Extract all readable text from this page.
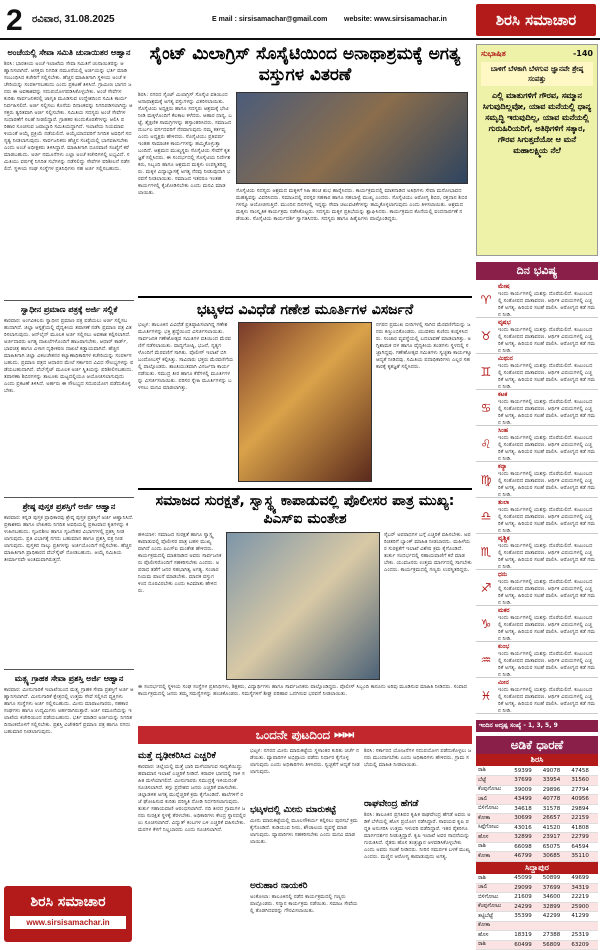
2 ರವಿವಾರ, 31.08.2025	E mail : sirsisamachar@gmail.com website: www.sirsisamachar.in	ಶಿರಸಿ ಸಮಾಚಾರ
ಅಂಚೆಯಲ್ಲಿ ಸೇವಾ ಸಮಿತಿ ಚುನಾಯಿತರ ಆಹ್ವಾನ
ಶಿರಸಿ: ಭಾರತೀಯ ಅಂಚೆ ಇಲಾಖೆಯ ಸೇವಾ ಸಮಿತಿಗೆ ಚುನಾಯಿತರನ್ನು ಆಹ್ವಾನಿಸಲಾಗಿದೆ. ಆಸಕ್ತರು ನಿಗದಿತ ನಮೂನೆಯಲ್ಲಿ ಅರ್ಜಿಯನ್ನು ಭರ್ತಿ ಮಾಡಿ ಸಂಬಂಧಿಸಿದ ಕಚೇರಿಗೆ ಸಲ್ಲಿಸಬೇಕು. ಹೆಚ್ಚಿನ ಮಾಹಿತಿಗಾಗಿ ಸ್ಥಳೀಯ ಅಂಚೆ ಕಚೇರಿಯನ್ನು ಸಂಪರ್ಕಿಸಬಹುದು ಎಂದು ಪ್ರಕಟಣೆ ತಿಳಿಸಿದೆ. ಗ್ರಾಮೀಣ ಭಾಗದ ಜನರು ಈ ಅವಕಾಶವನ್ನು ಸದುಪಯೋಗಪಡಿಸಿಕೊಳ್ಳಬೇಕು. ಅಂಚೆ ಸೇವೆಗಳ ಕುರಿತು ಸಾರ್ವಜನಿಕರಲ್ಲಿ ಜಾಗೃತಿ ಮೂಡಿಸುವ ಉದ್ದೇಶದಿಂದ ಸಮಿತಿ ಕಾರ್ಯನಿರ್ವಹಿಸಲಿದೆ. ಅರ್ಜಿ ಸಲ್ಲಿಸಲು ಕೊನೆಯ ದಿನಾಂಕವನ್ನು ನಿಗದಿಪಡಿಸಲಾಗಿದ್ದು ಆಸಕ್ತರು ತ್ವರಿತವಾಗಿ ಅರ್ಜಿ ಸಲ್ಲಿಸಬೇಕು. ಸಮಿತಿಯ ಸದಸ್ಯರು ಅಂಚೆ ಸೇವೆಗಳ ಸುಧಾರಣೆಗೆ ಸಲಹೆ ನೀಡಲಿದ್ದಾರೆ. ಗ್ರಾಹಕರ ಕುಂದುಕೊರತೆಗಳನ್ನು ಆಲಿಸಿ ಪರಿಹಾರ ಸೂಚಿಸುವ ಜವಾಬ್ದಾರಿ ಸಮಿತಿಯದ್ದಾಗಿದೆ. ಇಲಾಖೆಯ ನಿಯಮಾವಳಿಯಂತೆ ಆಯ್ಕೆ ಪ್ರಕ್ರಿಯೆ ನಡೆಯಲಿದೆ. ಆಯ್ಕೆಯಾದವರಿಗೆ ನಿಗದಿತ ಅವಧಿಗೆ ಸದಸ್ಯತ್ವ ನೀಡಲಾಗುವುದು. ಸಾರ್ವಜನಿಕರು ಹೆಚ್ಚಿನ ಸಂಖ್ಯೆಯಲ್ಲಿ ಭಾಗವಹಿಸಬೇಕು ಎಂದು ಅಂಚೆ ಅಧೀಕ್ಷಕರು ತಿಳಿಸಿದ್ದಾರೆ. ಮಾಹಿತಿಗಾಗಿ ದೂರವಾಣಿ ಸಂಖ್ಯೆಗೆ ಕರೆ ಮಾಡಬಹುದು. ಅರ್ಜಿ ನಮೂನೆಗಳು ಎಲ್ಲಾ ಅಂಚೆ ಕಚೇರಿಗಳಲ್ಲಿ ಲಭ್ಯವಿದೆ. ಸಮಿತಿಯು ವರ್ಷಕ್ಕೆ ನಿಗದಿತ ಸಭೆಗಳನ್ನು ನಡೆಸಲಿದ್ದು ಸೇವೆಗಳ ಪರಿಶೀಲನೆ ನಡೆಸಲಿದೆ. ಸ್ಥಳೀಯ ಸಂಘ ಸಂಸ್ಥೆಗಳ ಪ್ರತಿನಿಧಿಗಳು ಸಹ ಅರ್ಜಿ ಸಲ್ಲಿಸಬಹುದು.
ಸ್ವಾಧೀನ ಪ್ರಮಾಣ ಪತ್ರಕ್ಕೆ ಅರ್ಜಿ ಸಲ್ಲಿಕೆ
ಕಾರವಾರ: ಅಂಗವಿಕಲರು ಸ್ವಾಧೀನ ಪ್ರಮಾಣ ಪತ್ರ ಪಡೆಯಲು ಅರ್ಜಿ ಸಲ್ಲಿಸಬಹುದಾಗಿದೆ. ಜಿಲ್ಲಾ ಆಸ್ಪತ್ರೆಯಲ್ಲಿ ವೈದ್ಯಕೀಯ ತಪಾಸಣೆ ನಡೆಸಿ ಪ್ರಮಾಣ ಪತ್ರ ವಿತರಿಸಲಾಗುವುದು. ಆನ್‌ಲೈನ್ ಮೂಲಕ ಅರ್ಜಿ ಸಲ್ಲಿಸಲು ಅವಕಾಶ ಕಲ್ಪಿಸಲಾಗಿದೆ. ಅರ್ಜಿದಾರರು ಅಗತ್ಯ ದಾಖಲೆಗಳೊಂದಿಗೆ ಹಾಜರಾಗಬೇಕು. ಆಧಾರ್ ಕಾರ್ಡ್, ಭಾವಚಿತ್ರ ಹಾಗೂ ವಿಳಾಸ ದೃಢೀಕರಣ ದಾಖಲೆ ಕಡ್ಡಾಯವಾಗಿದೆ. ಹೆಚ್ಚಿನ ಮಾಹಿತಿಗಾಗಿ ಜಿಲ್ಲಾ ವಿಕಲಚೇತನರ ಕಲ್ಯಾಣಾಧಿಕಾರಿಗಳ ಕಚೇರಿಯನ್ನು ಸಂಪರ್ಕಿಸಬಹುದು. ಪ್ರಮಾಣ ಪತ್ರದ ಆಧಾರದ ಮೇಲೆ ಸರ್ಕಾರದ ವಿವಿಧ ಸೌಲಭ್ಯಗಳನ್ನು ಪಡೆಯಬಹುದಾಗಿದೆ. ವೆಬ್‌ಸೈಟ್ ಮೂಲಕ ಅರ್ಜಿ ಸ್ಥಿತಿಯನ್ನು ಪರಿಶೀಲಿಸಬಹುದು. ತಪಾಸಣಾ ಶಿಬಿರಗಳನ್ನು ತಾಲೂಕು ಮಟ್ಟದಲ್ಲಿಯೂ ಆಯೋಜಿಸಲಾಗುವುದು ಎಂದು ಪ್ರಕಟಣೆ ತಿಳಿಸಿದೆ. ಅರ್ಹರು ಈ ಸೌಲಭ್ಯದ ಸದುಪಯೋಗ ಪಡೆದುಕೊಳ್ಳಬೇಕು.
ಶ್ರೇಷ್ಠ ಪುಸ್ತಕ ಪ್ರಶಸ್ತಿಗೆ ಅರ್ಜಿ ಆಹ್ವಾನ
ಕಾರವಾರ: ಕನ್ನಡ ಪುಸ್ತಕ ಪ್ರಾಧಿಕಾರವು ಶ್ರೇಷ್ಠ ಪುಸ್ತಕ ಪ್ರಶಸ್ತಿಗೆ ಅರ್ಜಿ ಆಹ್ವಾನಿಸಿದೆ. ಪ್ರಕಾಶಕರು ಹಾಗೂ ಲೇಖಕರು ನಿಗದಿತ ಅವಧಿಯಲ್ಲಿ ಪ್ರಕಟವಾದ ಕೃತಿಗಳನ್ನು ಕಳುಹಿಸಬಹುದು. ಸೃಜನಶೀಲ ಹಾಗೂ ಸೃಜನೇತರ ವಿಭಾಗಗಳಲ್ಲಿ ಪ್ರಶಸ್ತಿ ನೀಡಲಾಗುವುದು. ಪ್ರತಿ ವಿಭಾಗಕ್ಕೆ ನಗದು ಬಹುಮಾನ ಹಾಗೂ ಪ್ರಶಸ್ತಿ ಪತ್ರ ನೀಡಲಾಗುವುದು. ಪುಸ್ತಕದ ನಾಲ್ಕು ಪ್ರತಿಗಳನ್ನು ಅರ್ಜಿಯೊಂದಿಗೆ ಸಲ್ಲಿಸಬೇಕು. ಹೆಚ್ಚಿನ ಮಾಹಿತಿಗಾಗಿ ಪ್ರಾಧಿಕಾರದ ವೆಬ್‌ಸೈಟ್ ನೋಡಬಹುದು. ಆಯ್ಕೆ ಸಮಿತಿಯ ತೀರ್ಮಾನವೇ ಅಂತಿಮವಾಗಿರುತ್ತದೆ.
ಮತ್ಸ್ಯ ಗ್ರಾಹಕ ಸೇವಾ ಪ್ರಶಸ್ತಿ ಅರ್ಜಿ ಆಹ್ವಾನ
ಕಾರವಾರ: ಮೀನುಗಾರಿಕೆ ಇಲಾಖೆಯಿಂದ ಮತ್ಸ್ಯ ಗ್ರಾಹಕ ಸೇವಾ ಪ್ರಶಸ್ತಿಗೆ ಅರ್ಜಿ ಆಹ್ವಾನಿಸಲಾಗಿದೆ. ಮೀನುಗಾರಿಕೆ ಕ್ಷೇತ್ರದಲ್ಲಿ ಉತ್ತಮ ಸೇವೆ ಸಲ್ಲಿಸಿದ ವ್ಯಕ್ತಿಗಳು ಹಾಗೂ ಸಂಸ್ಥೆಗಳು ಅರ್ಜಿ ಸಲ್ಲಿಸಬಹುದು. ಮೀನು ಮಾರಾಟಗಾರರು, ಸಹಕಾರ ಸಂಘಗಳು ಹಾಗೂ ಉದ್ಯಮಿಗಳು ಅರ್ಹರಾಗಿರುತ್ತಾರೆ. ಅರ್ಜಿ ನಮೂನೆಯನ್ನು ಇಲಾಖೆಯ ಕಚೇರಿಯಿಂದ ಪಡೆಯಬಹುದು. ಭರ್ತಿ ಮಾಡಿದ ಅರ್ಜಿಯನ್ನು ನಿಗದಿತ ದಿನಾಂಕದೊಳಗೆ ಸಲ್ಲಿಸಬೇಕು. ಪ್ರಶಸ್ತಿ ವಿಜೇತರಿಗೆ ಪ್ರಮಾಣ ಪತ್ರ ಹಾಗೂ ನಗದು ಬಹುಮಾನ ನೀಡಲಾಗುವುದು.
ಶಿರಸಿ ಸಮಾಚಾರ
www.sirsisamachar.in
ಸೈಂಟ್ ಮಿಲಾಗ್ರಿಸ್ ಸೊಸೈಟಿಯಿಂದ ಅನಾಥಾಶ್ರಮಕ್ಕೆ ಅಗತ್ಯ ವಸ್ತುಗಳ ವಿತರಣೆ
ಶಿರಸಿ: ನಗರದ ಸೈಂಟ್ ಮಿಲಾಗ್ರಿಸ್ ಸೊಸೈಟಿ ವತಿಯಿಂದ ಅನಾಥಾಶ್ರಮಕ್ಕೆ ಅಗತ್ಯ ವಸ್ತುಗಳನ್ನು ವಿತರಿಸಲಾಯಿತು. ಸೊಸೈಟಿಯ ಅಧ್ಯಕ್ಷರು ಹಾಗೂ ಸದಸ್ಯರು ಆಶ್ರಮಕ್ಕೆ ಭೇಟಿ ನೀಡಿ ಮಕ್ಕಳೊಂದಿಗೆ ಕೆಲಕಾಲ ಕಳೆದರು. ಆಹಾರ ಧಾನ್ಯ, ಬಟ್ಟೆ, ಶೈಕ್ಷಣಿಕ ಸಾಮಗ್ರಿಗಳನ್ನು ಹಸ್ತಾಂತರಿಸಿದರು. ಸಮಾಜದ ದುರ್ಬಲ ವರ್ಗದವರಿಗೆ ನೆರವಾಗುವುದು ನಮ್ಮ ಕರ್ತವ್ಯ ಎಂದು ಅಧ್ಯಕ್ಷರು ಹೇಳಿದರು. ಸೊಸೈಟಿಯು ಪ್ರತಿವರ್ಷ ಇಂತಹ ಸಾಮಾಜಿಕ ಕಾರ್ಯಗಳನ್ನು ಹಮ್ಮಿಕೊಳ್ಳುತ್ತಾ ಬಂದಿದೆ. ಆಶ್ರಮದ ಮುಖ್ಯಸ್ಥರು ಸೊಸೈಟಿಯ ಸೇವೆಗೆ ಕೃತಜ್ಞತೆ ಸಲ್ಲಿಸಿದರು. ಈ ಸಂದರ್ಭದಲ್ಲಿ ಸೊಸೈಟಿಯ ನಿರ್ದೇಶಕರು, ಸಿಬ್ಬಂದಿ ಹಾಗೂ ಆಶ್ರಮದ ಮಕ್ಕಳು ಉಪಸ್ಥಿತರಿದ್ದರು. ಮಕ್ಕಳ ವಿದ್ಯಾಭ್ಯಾಸಕ್ಕೆ ಅಗತ್ಯ ನೆರವು ನೀಡುವುದಾಗಿ ಭರವಸೆ ನೀಡಲಾಯಿತು. ಸಮಾಜದ ಇತರರೂ ಇಂತಹ ಕಾರ್ಯಗಳಲ್ಲಿ ಕೈಜೋಡಿಸಬೇಕು ಎಂದು ಮನವಿ ಮಾಡಲಾಯಿತು.	ಸೊಸೈಟಿಯ ಸದಸ್ಯರು ಆಶ್ರಮದ ಮಕ್ಕಳಿಗೆ ಸಿಹಿ ಹಂಚಿ ಶುಭ ಹಾರೈಸಿದರು. ಕಾರ್ಯಕ್ರಮದಲ್ಲಿ ಮಾತನಾಡಿದ ಅತಿಥಿಗಳು ಸೇವಾ ಮನೋಭಾವದ ಮಹತ್ವವನ್ನು ವಿವರಿಸಿದರು. ಸಮಾಜದಲ್ಲಿ ಪರಸ್ಪರ ಸಹಕಾರ ಹಾಗೂ ಸಹಬಾಳ್ವೆ ಮುಖ್ಯ ಎಂದರು. ಸೊಸೈಟಿಯು ಆರೋಗ್ಯ ಶಿಬಿರ, ರಕ್ತದಾನ ಶಿಬಿರಗಳನ್ನೂ ಆಯೋಜಿಸುತ್ತಿದೆ. ಮುಂದಿನ ದಿನಗಳಲ್ಲಿ ಇನ್ನಷ್ಟು ಸೇವಾ ಚಟುವಟಿಕೆಗಳನ್ನು ಹಮ್ಮಿಕೊಳ್ಳಲಾಗುವುದು ಎಂದು ತಿಳಿಸಲಾಯಿತು. ಆಶ್ರಮದ ಮಕ್ಕಳು ಸಾಂಸ್ಕೃತಿಕ ಕಾರ್ಯಕ್ರಮ ನಡೆಸಿಕೊಟ್ಟರು. ಸದಸ್ಯರು ಮಕ್ಕಳ ಪ್ರತಿಭೆಯನ್ನು ಶ್ಲಾಘಿಸಿದರು. ಕಾರ್ಯಕ್ರಮದ ಕೊನೆಯಲ್ಲಿ ವಂದನಾರ್ಪಣೆ ನಡೆಯಿತು. ಸೊಸೈಟಿಯ ಕಾರ್ಯದರ್ಶಿ ಸ್ವಾಗತಿಸಿದರು. ಸದಸ್ಯರು ಹಾಗೂ ಹಿತೈಷಿಗಳು ಪಾಲ್ಗೊಂಡಿದ್ದರು.
ಭಟ್ಕಳದ ವಿವಿಧೆಡೆ ಗಣೇಶ ಮೂರ್ತಿಗಳ ವಿಸರ್ಜನೆ
ಭಟ್ಕಳ: ತಾಲೂಕಿನ ವಿವಿಧೆಡೆ ಪ್ರತಿಷ್ಠಾಪಿಸಲಾಗಿದ್ದ ಗಣೇಶ ಮೂರ್ತಿಗಳನ್ನು ಭಕ್ತಿ ಶ್ರದ್ಧೆಯಿಂದ ವಿಸರ್ಜಿಸಲಾಯಿತು. ಸಾರ್ವಜನಿಕ ಗಣೇಶೋತ್ಸವ ಸಮಿತಿಗಳ ವತಿಯಿಂದ ಮೆರವಣಿಗೆ ನಡೆಸಲಾಯಿತು. ವಾದ್ಯಗೋಷ್ಠಿ, ಭಜನೆ, ನೃತ್ಯಗಳೊಂದಿಗೆ ಮೆರವಣಿಗೆ ಸಾಗಿತು. ಪೊಲೀಸ್ ಇಲಾಖೆ ಬಿಗಿ ಬಂದೋಬಸ್ತ್ ಕಲ್ಪಿಸಿತ್ತು. ಸಾವಿರಾರು ಭಕ್ತರು ಮೆರವಣಿಗೆಯಲ್ಲಿ ಪಾಲ್ಗೊಂಡರು. ಶಾಂತಿಯುತವಾಗಿ ವಿಸರ್ಜನಾ ಕಾರ್ಯ ನಡೆಯಿತು. ಸಮುದ್ರ ತೀರ ಹಾಗೂ ಕೆರೆಗಳಲ್ಲಿ ಮೂರ್ತಿಗಳನ್ನು ವಿಸರ್ಜಿಸಲಾಯಿತು. ಪರಿಸರ ಸ್ನೇಹಿ ಮೂರ್ತಿಗಳನ್ನು ಬಳಸಲು ಮನವಿ ಮಾಡಲಾಗಿತ್ತು.
ನಗರದ ಪ್ರಮುಖ ಬೀದಿಗಳಲ್ಲಿ ಸಾಗಿದ ಮೆರವಣಿಗೆಯನ್ನು ಜನರು ಕಣ್ತುಂಬಿಕೊಂಡರು. ಯುವಕರು ಕುಣಿದು ಕುಪ್ಪಳಿಸಿದರು. ಸಂಚಾರ ವ್ಯವಸ್ಥೆಯಲ್ಲಿ ಬದಲಾವಣೆ ಮಾಡಲಾಗಿತ್ತು. ಅಗ್ನಿಶಾಮಕ ದಳ ಹಾಗೂ ವೈದ್ಯಕೀಯ ತಂಡಗಳು ಸ್ಥಳದಲ್ಲಿ ಸಜ್ಜಾಗಿದ್ದವು. ಗಣೇಶೋತ್ಸವ ಸಮಿತಿಗಳು ಸ್ವಚ್ಛತಾ ಕಾರ್ಯಕ್ಕೂ ಆದ್ಯತೆ ನೀಡಿದವು. ಸಮಿತಿಯ ಪದಾಧಿಕಾರಿಗಳು ಎಲ್ಲರ ಸಹಕಾರಕ್ಕೆ ಕೃತಜ್ಞತೆ ಸಲ್ಲಿಸಿದರು.
ಸಮಾಜದ ಸುರಕ್ಷತೆ, ಸ್ವಾಸ್ಥ್ಯ ಕಾಪಾಡುವಲ್ಲಿ ಪೊಲೀಸರ ಪಾತ್ರ ಮುಖ್ಯ: ಪಿಎಸ್‌ಐ ಮಂತೇಶ
ಹಳಿಯಾಳ: ಸಮಾಜದ ಸುರಕ್ಷತೆ ಹಾಗೂ ಸ್ವಾಸ್ಥ್ಯ ಕಾಪಾಡುವಲ್ಲಿ ಪೊಲೀಸರ ಪಾತ್ರ ಬಹಳ ಮುಖ್ಯವಾಗಿದೆ ಎಂದು ಪಿಎಸ್‌ಐ ಮಂತೇಶ ಹೇಳಿದರು. ಕಾರ್ಯಕ್ರಮದಲ್ಲಿ ಮಾತನಾಡಿದ ಅವರು ಸಾರ್ವಜನಿಕರು ಪೊಲೀಸರೊಂದಿಗೆ ಸಹಕರಿಸಬೇಕು ಎಂದರು. ಅಪರಾಧ ತಡೆಗೆ ಜನರ ಸಹಭಾಗಿತ್ವ ಅಗತ್ಯ. ಸಂಚಾರ ನಿಯಮ ಪಾಲನೆ ಮಾಡಬೇಕು. ಮಾದಕ ವಸ್ತುಗಳಿಂದ ದೂರವಿರಬೇಕು ಎಂದು ಕಿವಿಮಾತು ಹೇಳಿದರು.
ಸೈಬರ್ ಅಪರಾಧಗಳ ಬಗ್ಗೆ ಎಚ್ಚರಿಕೆ ವಹಿಸಬೇಕು. ಅಪರಿಚಿತರಿಗೆ ಬ್ಯಾಂಕ್ ಮಾಹಿತಿ ನೀಡಬಾರದು. ಮಹಿಳೆಯರ ಸುರಕ್ಷತೆಗೆ ಇಲಾಖೆ ವಿಶೇಷ ಕ್ರಮ ಕೈಗೊಂಡಿದೆ. ತುರ್ತು ಸಂದರ್ಭದಲ್ಲಿ ಸಹಾಯವಾಣಿಗೆ ಕರೆ ಮಾಡಬೇಕು. ಯುವಜನರು ಉತ್ತಮ ಮಾರ್ಗದಲ್ಲಿ ಸಾಗಬೇಕು ಎಂದರು. ಕಾರ್ಯಕ್ರಮದಲ್ಲಿ ಗಣ್ಯರು ಉಪಸ್ಥಿತರಿದ್ದರು.
ಈ ಸಂದರ್ಭದಲ್ಲಿ ಸ್ಥಳೀಯ ಸಂಘ ಸಂಸ್ಥೆಗಳ ಪ್ರತಿನಿಧಿಗಳು, ಶಿಕ್ಷಕರು, ವಿದ್ಯಾರ್ಥಿಗಳು ಹಾಗೂ ಸಾರ್ವಜನಿಕರು ಪಾಲ್ಗೊಂಡಿದ್ದರು. ಪೊಲೀಸ್ ಸಿಬ್ಬಂದಿ ಕಾನೂನು ಅರಿವು ಮೂಡಿಸುವ ಮಾಹಿತಿ ನೀಡಿದರು. ಸಂವಾದ ಕಾರ್ಯಕ್ರಮದಲ್ಲಿ ಜನರು ತಮ್ಮ ಸಮಸ್ಯೆಗಳನ್ನು ಹಂಚಿಕೊಂಡರು. ಸಮಸ್ಯೆಗಳಿಗೆ ಶೀಘ್ರ ಪರಿಹಾರ ಒದಗಿಸುವ ಭರವಸೆ ನೀಡಲಾಯಿತು.
ಒಂದನೇ ಪುಟದಿಂದ ⏭⏭
ಮತ್ತೆ ದೃಢೀಕರಿಸಿದ ಎಚ್ಚರಿಕೆ
ಕಾರವಾರ: ಜಿಲ್ಲೆಯಲ್ಲಿ ಮತ್ತೆ ಭಾರಿ ಮಳೆಯಾಗುವ ಸಾಧ್ಯತೆಯಿದ್ದು ಹವಾಮಾನ ಇಲಾಖೆ ಎಚ್ಚರಿಕೆ ನೀಡಿದೆ. ಕರಾವಳಿ ಭಾಗದಲ್ಲಿ ಗಾಳಿ ಸಹಿತ ಮಳೆಯಾಗಲಿದೆ. ಮೀನುಗಾರರು ಸಮುದ್ರಕ್ಕೆ ಇಳಿಯದಂತೆ ಸೂಚಿಸಲಾಗಿದೆ. ತಗ್ಗು ಪ್ರದೇಶದ ಜನರು ಎಚ್ಚರಿಕೆ ವಹಿಸಬೇಕು. ಜಿಲ್ಲಾಡಳಿತ ಅಗತ್ಯ ಮುನ್ನೆಚ್ಚರಿಕೆ ಕ್ರಮ ಕೈಗೊಂಡಿದೆ. ಶಾಲೆಗಳಿಗೆ ರಜೆ ಘೋಷಿಸುವ ಕುರಿತು ಪರಿಸ್ಥಿತಿ ನೋಡಿ ನಿರ್ಧರಿಸಲಾಗುವುದು. ತುರ್ತು ಸಹಾಯವಾಣಿ ಆರಂಭಿಸಲಾಗಿದೆ. ನದಿ ತೀರದ ಗ್ರಾಮಗಳ ಜನರು ಸುರಕ್ಷಿತ ಸ್ಥಳಕ್ಕೆ ತೆರಳಬೇಕು. ಅಧಿಕಾರಿಗಳು ಕೇಂದ್ರ ಸ್ಥಾನದಲ್ಲಿರಲು ಸೂಚಿಸಲಾಗಿದೆ. ವಿದ್ಯುತ್ ಕಂಬಗಳ ಬಳಿ ಎಚ್ಚರಿಕೆ ವಹಿಸಬೇಕು. ಮರಗಳ ಕೆಳಗೆ ನಿಲ್ಲಬಾರದು ಎಂದು ಸೂಚಿಸಲಾಗಿದೆ.
ಭಟ್ಕಳ: ನಗರದ ಮೀನು ಮಾರುಕಟ್ಟೆಯ ಸ್ಥಳಾಂತರ ಕುರಿತು ಚರ್ಚೆ ನಡೆಯಿತು. ವ್ಯಾಪಾರಿಗಳ ಅಭಿಪ್ರಾಯ ಪಡೆದು ನಿರ್ಧಾರ ಕೈಗೊಳ್ಳಲಾಗುವುದು ಎಂದು ಅಧಿಕಾರಿಗಳು ತಿಳಿಸಿದರು. ಸ್ವಚ್ಛತೆಗೆ ಆದ್ಯತೆ ನೀಡಲಾಗುವುದು.
ಭಟ್ಕಳದಲ್ಲಿ ಮೀನು ಮಾರುಕಟ್ಟೆ
ಮೀನು ಮಾರುಕಟ್ಟೆಯಲ್ಲಿ ಮೂಲಸೌಕರ್ಯ ಕಲ್ಪಿಸಲು ಪುರಸಭೆ ಕ್ರಮ ಕೈಗೊಂಡಿದೆ. ಕುಡಿಯುವ ನೀರು, ಶೌಚಾಲಯ ವ್ಯವಸ್ಥೆ ಮಾಡಲಾಗುವುದು. ವ್ಯಾಪಾರಿಗಳು ಸಹಕರಿಸಬೇಕು ಎಂದು ಮನವಿ ಮಾಡಲಾಯಿತು.
ಅರುಹಾರ ನಾಯಕರಿ
ಅಂಕೋಲಾ: ತಾಲೂಕಿನಲ್ಲಿ ನಡೆದ ಕಾರ್ಯಕ್ರಮದಲ್ಲಿ ಗಣ್ಯರು ಪಾಲ್ಗೊಂಡರು. ಸನ್ಮಾನ ಕಾರ್ಯಕ್ರಮ ನಡೆಯಿತು. ಸಮಾಜ ಸೇವೆಯಲ್ಲಿ ತೊಡಗಿದವರನ್ನು ಗೌರವಿಸಲಾಯಿತು.
ಶಿರಸಿ: ಸರ್ಕಾರದ ಯೋಜನೆಗಳ ಸದುಪಯೋಗ ಪಡೆದುಕೊಳ್ಳಲು ಜನರು ಮುಂದಾಗಬೇಕು ಎಂದು ಅಧಿಕಾರಿಗಳು ಹೇಳಿದರು. ಗ್ರಾಮ ಸಭೆಯಲ್ಲಿ ಮಾಹಿತಿ ನೀಡಲಾಯಿತು.
ರಾಘವೇಂದ್ರ ಹೆಗಡೆ
ಶಿರಸಿ: ತಾಲೂಕಿನ ಪ್ರಗತಿಪರ ಕೃಷಿಕ ರಾಘವೇಂದ್ರ ಹೆಗಡೆ ಅವರು ಅಡಿಕೆ ಬೆಳೆಯಲ್ಲಿ ಹೊಸ ಪ್ರಯೋಗ ನಡೆಸಿದ್ದಾರೆ. ಸಾವಯವ ಕೃಷಿ ಪದ್ಧತಿ ಅನುಸರಿಸಿ ಉತ್ತಮ ಇಳುವರಿ ಪಡೆದಿದ್ದಾರೆ. ಇತರ ರೈತರಿಗೂ ಮಾರ್ಗದರ್ಶನ ನೀಡುತ್ತಿದ್ದಾರೆ. ಕೃಷಿ ಇಲಾಖೆ ಅವರ ಸಾಧನೆಯನ್ನು ಗುರುತಿಸಿದೆ. ರೈತರು ಹೊಸ ತಂತ್ರಜ್ಞಾನ ಅಳವಡಿಸಿಕೊಳ್ಳಬೇಕು ಎಂದು ಅವರು ಸಲಹೆ ನೀಡಿದರು. ನೀರಿನ ಸಮರ್ಪಕ ಬಳಕೆ ಮುಖ್ಯ ಎಂದರು. ಮಣ್ಣಿನ ಆರೋಗ್ಯ ಕಾಪಾಡುವುದು ಅಗತ್ಯ.
ಸುಭಾಷಿತ	-140
ಬಾಳಿಗೆ ಬೆಳಕಾಗಿ ಬೆಳಗುವ ಜ್ಞಾನವೇ ಶ್ರೇಷ್ಠ ಸಂಪತ್ತು
ಎಲ್ಲಿ ಮಾತುಗಳಿಗೆ ಗೌರವ, ಸಮ್ಮಾನ ಸಿಗುವುದಿಲ್ಲವೋ, ಯಾವ ಮನೆಯಲ್ಲಿ ಧಾನ್ಯ ಸಮೃದ್ಧಿ ಇರುವುದಿಲ್ಲ, ಯಾವ ಮನೆಯಲ್ಲಿ ಗುರುಹಿರಿಯರಿಗೆ, ಅತಿಥಿಗಳಿಗೆ ಸತ್ಕಾರ, ಗೌರವ ಸಿಗುತ್ತದೆಯೋ ಆ ಮನೆ ಮಹಾಲಕ್ಷ್ಮಿಯ ನೆಲೆ
ದಿನ ಭವಿಷ್ಯ
♈
ಮೇಷ
ಇಂದು ಕಾರ್ಯಗಳಲ್ಲಿ ಯಶಸ್ಸು ದೊರೆಯಲಿದೆ. ಕುಟುಂಬದಲ್ಲಿ ಸಂತೋಷದ ವಾತಾವರಣ. ಆರ್ಥಿಕ ವಿಷಯಗಳಲ್ಲಿ ಎಚ್ಚರಿಕೆ ಅಗತ್ಯ. ಹಿರಿಯರ ಸಲಹೆ ಪಾಲಿಸಿ. ಆರೋಗ್ಯದ ಕಡೆ ಗಮನ ನೀಡಿ.
♉
ವೃಷಭ
ಇಂದು ಕಾರ್ಯಗಳಲ್ಲಿ ಯಶಸ್ಸು ದೊರೆಯಲಿದೆ. ಕುಟುಂಬದಲ್ಲಿ ಸಂತೋಷದ ವಾತಾವರಣ. ಆರ್ಥಿಕ ವಿಷಯಗಳಲ್ಲಿ ಎಚ್ಚರಿಕೆ ಅಗತ್ಯ. ಹಿರಿಯರ ಸಲಹೆ ಪಾಲಿಸಿ. ಆರೋಗ್ಯದ ಕಡೆ ಗಮನ ನೀಡಿ.
♊
ಮಿಥುನ
ಇಂದು ಕಾರ್ಯಗಳಲ್ಲಿ ಯಶಸ್ಸು ದೊರೆಯಲಿದೆ. ಕುಟುಂಬದಲ್ಲಿ ಸಂತೋಷದ ವಾತಾವರಣ. ಆರ್ಥಿಕ ವಿಷಯಗಳಲ್ಲಿ ಎಚ್ಚರಿಕೆ ಅಗತ್ಯ. ಹಿರಿಯರ ಸಲಹೆ ಪಾಲಿಸಿ. ಆರೋಗ್ಯದ ಕಡೆ ಗಮನ ನೀಡಿ.
♋
ಕಟಕ
ಇಂದು ಕಾರ್ಯಗಳಲ್ಲಿ ಯಶಸ್ಸು ದೊರೆಯಲಿದೆ. ಕುಟುಂಬದಲ್ಲಿ ಸಂತೋಷದ ವಾತಾವರಣ. ಆರ್ಥಿಕ ವಿಷಯಗಳಲ್ಲಿ ಎಚ್ಚರಿಕೆ ಅಗತ್ಯ. ಹಿರಿಯರ ಸಲಹೆ ಪಾಲಿಸಿ. ಆರೋಗ್ಯದ ಕಡೆ ಗಮನ ನೀಡಿ.
♌
ಸಿಂಹ
ಇಂದು ಕಾರ್ಯಗಳಲ್ಲಿ ಯಶಸ್ಸು ದೊರೆಯಲಿದೆ. ಕುಟುಂಬದಲ್ಲಿ ಸಂತೋಷದ ವಾತಾವರಣ. ಆರ್ಥಿಕ ವಿಷಯಗಳಲ್ಲಿ ಎಚ್ಚರಿಕೆ ಅಗತ್ಯ. ಹಿರಿಯರ ಸಲಹೆ ಪಾಲಿಸಿ. ಆರೋಗ್ಯದ ಕಡೆ ಗಮನ ನೀಡಿ.
♍
ಕನ್ಯಾ
ಇಂದು ಕಾರ್ಯಗಳಲ್ಲಿ ಯಶಸ್ಸು ದೊರೆಯಲಿದೆ. ಕುಟುಂಬದಲ್ಲಿ ಸಂತೋಷದ ವಾತಾವರಣ. ಆರ್ಥಿಕ ವಿಷಯಗಳಲ್ಲಿ ಎಚ್ಚರಿಕೆ ಅಗತ್ಯ. ಹಿರಿಯರ ಸಲಹೆ ಪಾಲಿಸಿ. ಆರೋಗ್ಯದ ಕಡೆ ಗಮನ ನೀಡಿ.
♎
ತುಲಾ
ಇಂದು ಕಾರ್ಯಗಳಲ್ಲಿ ಯಶಸ್ಸು ದೊರೆಯಲಿದೆ. ಕುಟುಂಬದಲ್ಲಿ ಸಂತೋಷದ ವಾತಾವರಣ. ಆರ್ಥಿಕ ವಿಷಯಗಳಲ್ಲಿ ಎಚ್ಚರಿಕೆ ಅಗತ್ಯ. ಹಿರಿಯರ ಸಲಹೆ ಪಾಲಿಸಿ. ಆರೋಗ್ಯದ ಕಡೆ ಗಮನ ನೀಡಿ.
♏
ವೃಶ್ಚಿಕ
ಇಂದು ಕಾರ್ಯಗಳಲ್ಲಿ ಯಶಸ್ಸು ದೊರೆಯಲಿದೆ. ಕುಟುಂಬದಲ್ಲಿ ಸಂತೋಷದ ವಾತಾವರಣ. ಆರ್ಥಿಕ ವಿಷಯಗಳಲ್ಲಿ ಎಚ್ಚರಿಕೆ ಅಗತ್ಯ. ಹಿರಿಯರ ಸಲಹೆ ಪಾಲಿಸಿ. ಆರೋಗ್ಯದ ಕಡೆ ಗಮನ ನೀಡಿ.
♐
ಧನು
ಇಂದು ಕಾರ್ಯಗಳಲ್ಲಿ ಯಶಸ್ಸು ದೊರೆಯಲಿದೆ. ಕುಟುಂಬದಲ್ಲಿ ಸಂತೋಷದ ವಾತಾವರಣ. ಆರ್ಥಿಕ ವಿಷಯಗಳಲ್ಲಿ ಎಚ್ಚರಿಕೆ ಅಗತ್ಯ. ಹಿರಿಯರ ಸಲಹೆ ಪಾಲಿಸಿ. ಆರೋಗ್ಯದ ಕಡೆ ಗಮನ ನೀಡಿ.
♑
ಮಕರ
ಇಂದು ಕಾರ್ಯಗಳಲ್ಲಿ ಯಶಸ್ಸು ದೊರೆಯಲಿದೆ. ಕುಟುಂಬದಲ್ಲಿ ಸಂತೋಷದ ವಾತಾವರಣ. ಆರ್ಥಿಕ ವಿಷಯಗಳಲ್ಲಿ ಎಚ್ಚರಿಕೆ ಅಗತ್ಯ. ಹಿರಿಯರ ಸಲಹೆ ಪಾಲಿಸಿ. ಆರೋಗ್ಯದ ಕಡೆ ಗಮನ ನೀಡಿ.
♒
ಕುಂಭ
ಇಂದು ಕಾರ್ಯಗಳಲ್ಲಿ ಯಶಸ್ಸು ದೊರೆಯಲಿದೆ. ಕುಟುಂಬದಲ್ಲಿ ಸಂತೋಷದ ವಾತಾವರಣ. ಆರ್ಥಿಕ ವಿಷಯಗಳಲ್ಲಿ ಎಚ್ಚರಿಕೆ ಅಗತ್ಯ. ಹಿರಿಯರ ಸಲಹೆ ಪಾಲಿಸಿ. ಆರೋಗ್ಯದ ಕಡೆ ಗಮನ ನೀಡಿ.
♓
ಮೀನ
ಇಂದು ಕಾರ್ಯಗಳಲ್ಲಿ ಯಶಸ್ಸು ದೊರೆಯಲಿದೆ. ಕುಟುಂಬದಲ್ಲಿ ಸಂತೋಷದ ವಾತಾವರಣ. ಆರ್ಥಿಕ ವಿಷಯಗಳಲ್ಲಿ ಎಚ್ಚರಿಕೆ ಅಗತ್ಯ. ಹಿರಿಯರ ಸಲಹೆ ಪಾಲಿಸಿ. ಆರೋಗ್ಯದ ಕಡೆ ಗಮನ ನೀಡಿ.
ಇಂದಿನ ಅದೃಷ್ಟ ಸಂಖ್ಯೆ - 1, 3, 5, 9
ಅಡಿಕೆ ಧಾರಣೆ
ಶಿರಸಿ
ರಾಶಿ	59399	49078	47458
ಬೆಟ್ಟೆ	37699	33954	31560
ಕೆಂಪುಗೋಟು	39009	29896	27794
ಚಾಲಿ	43499	40778	40956
ಬಿಳಿಗೋಟು	34618	31578	29894
ಕೋಕಾ	30699	26657	22159
ಸಿಪ್ಪೆಗೋಟು	43016	41520	41808
ಹೊಸ	32899	23917	22799
ರಾಶಿ	66098	65075	64594
ಕೋಕಾ	46799	30685	35110
ಸಿದ್ದಾಪುರ
ರಾಶಿ	45099	50899	49699
ಚಾಲಿ	29099	37699	34319
ಬಿಳಿಗೋಟು	21609	34600	22219
ಕೆಂಪುಗೋಟು	24299	32899	25900
ತಟ್ಟಿಬೆಟ್ಟೆ	35399	42299	41299
ಕೋಕಾ			
ಹೊಸ	18319	27388	25319
ರಾಶಿ	60499	56809	63209
